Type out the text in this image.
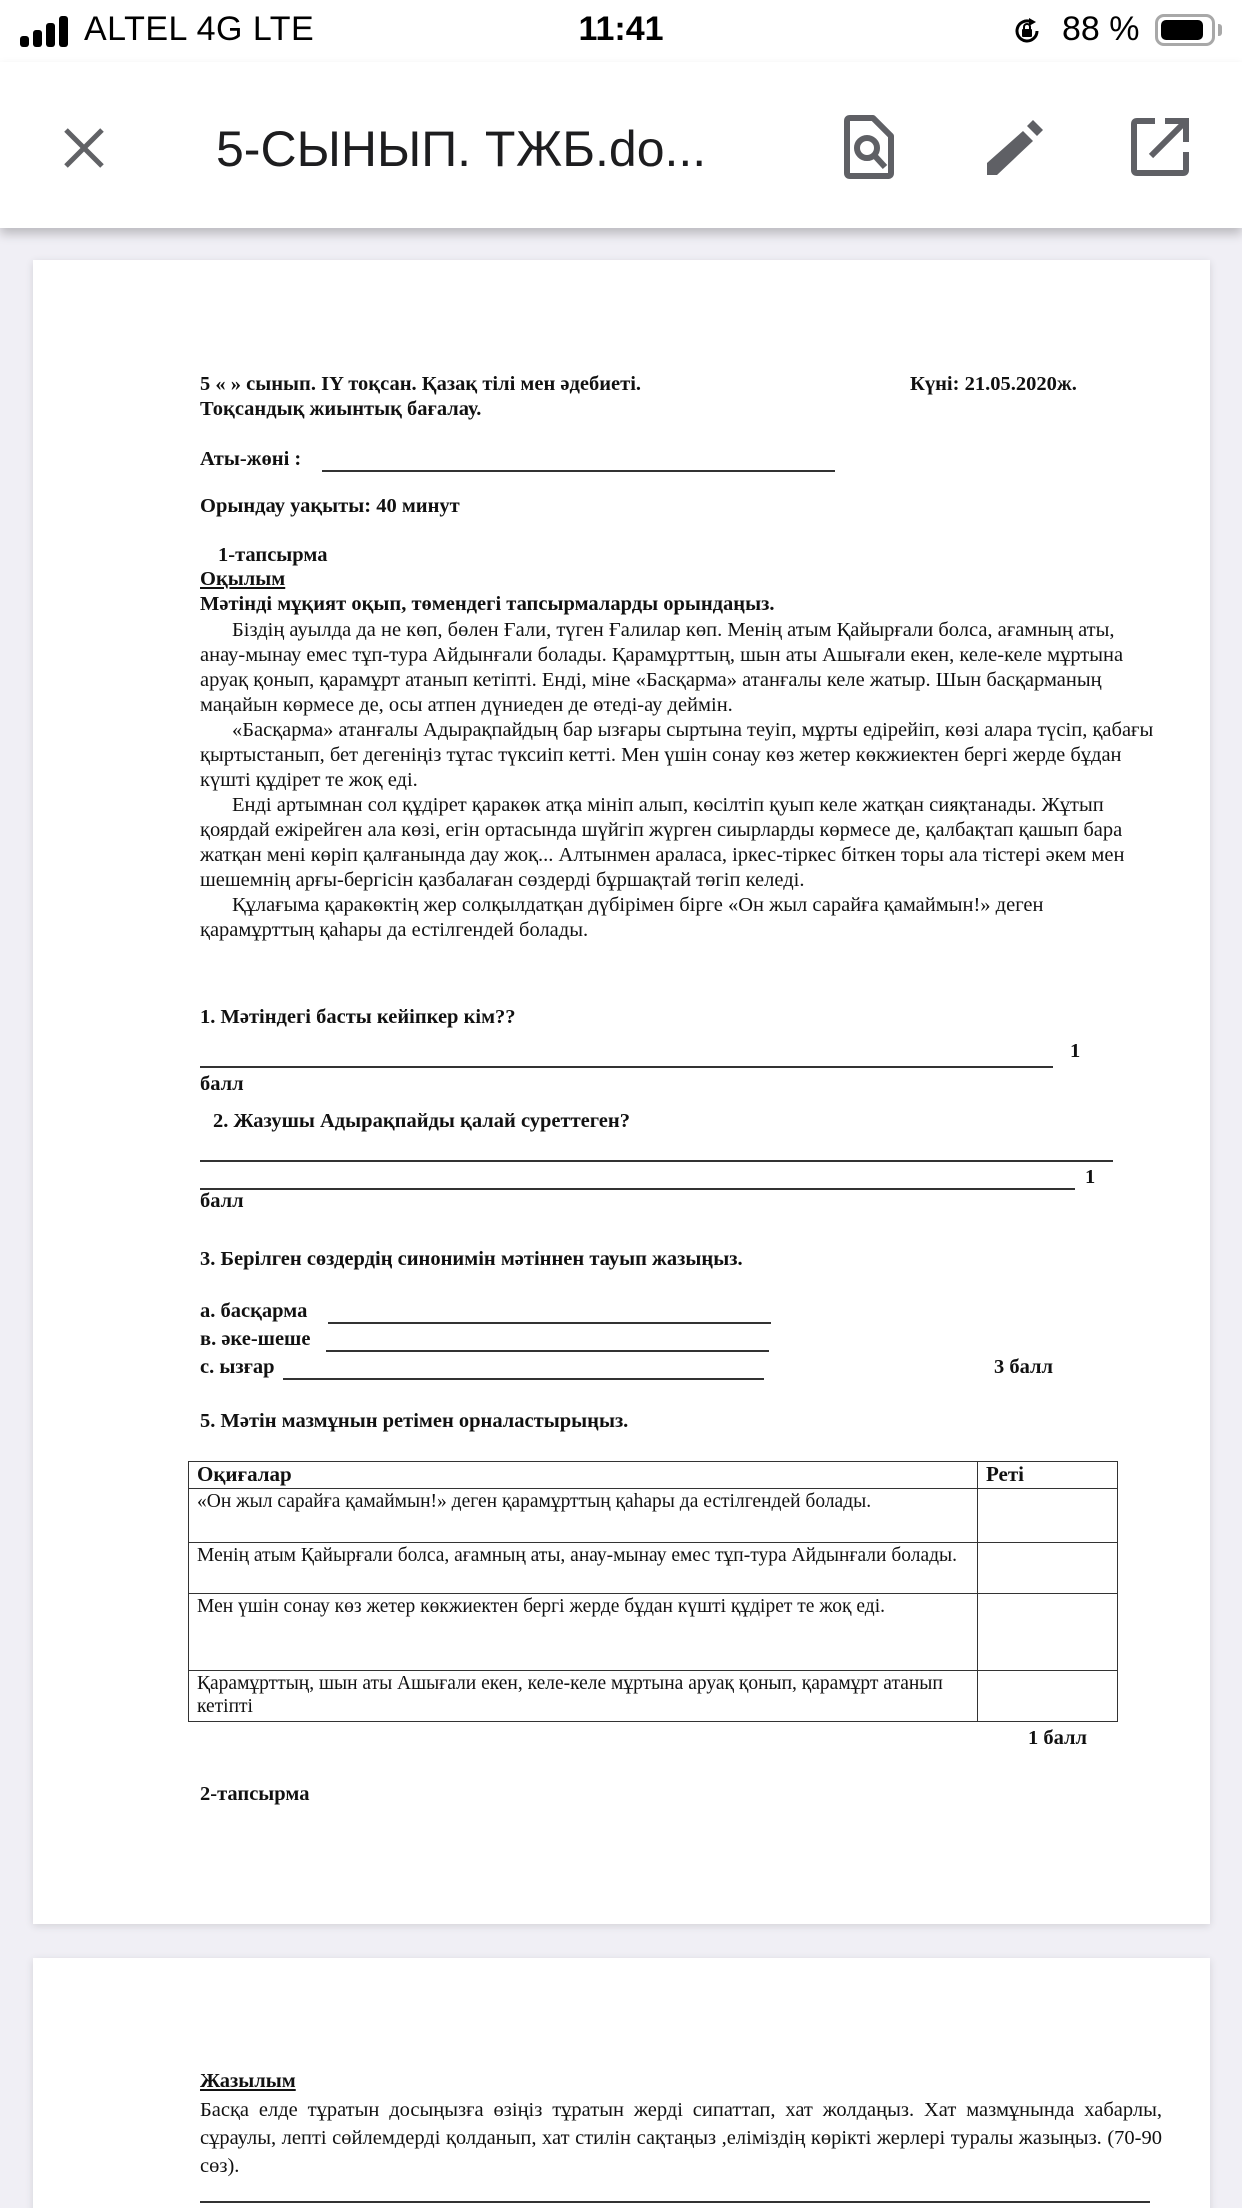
ALTEL 4G LTE	11:41	88 %
5-СЫНЫП. ТЖБ.do...
5 « » сынып. IY тоқсан. Қазақ тілі мен әдебиеті.	Күні: 21.05.2020ж.
Тоқсандық жиынтық бағалау.
Аты-жөні :
Орындау уақыты: 40 минут
1-тапсырма
Оқылым
Мәтінді мұқият оқып, төмендегі тапсырмаларды орындаңыз.

Біздің ауылда да не көп, бөлен Ғали, түген Ғалилар көп. Менің атым Қайырғали болса, ағамның аты, анау-мынау емес тұп-тура Айдынғали болады. Қарамұрттың, шын аты Ашығали екен, келе-келе мұртына аруақ қонып, қарамұрт атанып кетіпті. Енді, міне «Басқарма» атанғалы келе жатыр. Шын басқарманың маңайын көрмесе де, осы атпен дүниеден де өтеді-ау деймін.

«Басқарма» атанғалы Адырақпайдың бар ызғары сыртына теуіп, мұрты едірейіп, көзі алара түсіп, қабағы қыртыстанып, бет дегеніңіз тұтас түксиіп кетті. Мен үшін сонау көз жетер көкжиектен бергі жерде бұдан күшті құдірет те жоқ еді.

Енді артымнан сол құдірет қаракөк атқа мініп алып, көсілтіп қуып келе жатқан сияқтанады. Жұтып қоярдай ежірейген ала көзі, егін ортасында шүйгіп жүрген сиырларды көрмесе де, қалбақтап қашып бара жатқан мені көріп қалғанында дау жоқ... Алтынмен араласа, іркес-тіркес біткен торы ала тістері әкем мен шешемнің арғы-бергісін қазбалаған сөздерді бұршақтай төгіп келеді.

Құлағыма қаракөктің жер солқылдатқан дүбірімен бірге «Он жыл сарайға қамаймын!» деген қарамұрттың қаһары да естілгендей болады.

1. Мәтіндегі басты кейіпкер кім??
1
балл
2. Жазушы Адырақпайды қалай суреттеген?
1
балл
3. Берілген сөздердің синонимін мәтіннен тауып жазыңыз.
а. басқарма
в. әке-шеше
с. ызғар	3 балл
5. Мәтін мазмұнын ретімен орналастырыңыз.
Оқиғалар	Реті
«Он жыл сарайға қамаймын!» деген қарамұрттың қаһары да естілгендей болады.	
Менің атым Қайырғали болса, ағамның аты, анау-мынау емес тұп-тура Айдынғали болады.	
Мен үшін сонау көз жетер көкжиектен бергі жерде бұдан күшті құдірет те жоқ еді.	
Қарамұрттың, шын аты Ашығали екен, келе-келе мұртына аруақ қонып, қарамұрт атанып кетіпті	
1 балл
2-тапсырма
Жазылым
Басқа елде тұратын досыңызға өзіңіз тұратын жерді сипаттап, хат жолдаңыз. Хат мазмұнында хабарлы, сұраулы, лепті сөйлемдерді қолданып, хат стилін сақтаңыз ,еліміздің көрікті жерлері туралы жазыңыз. (70-90 сөз).
